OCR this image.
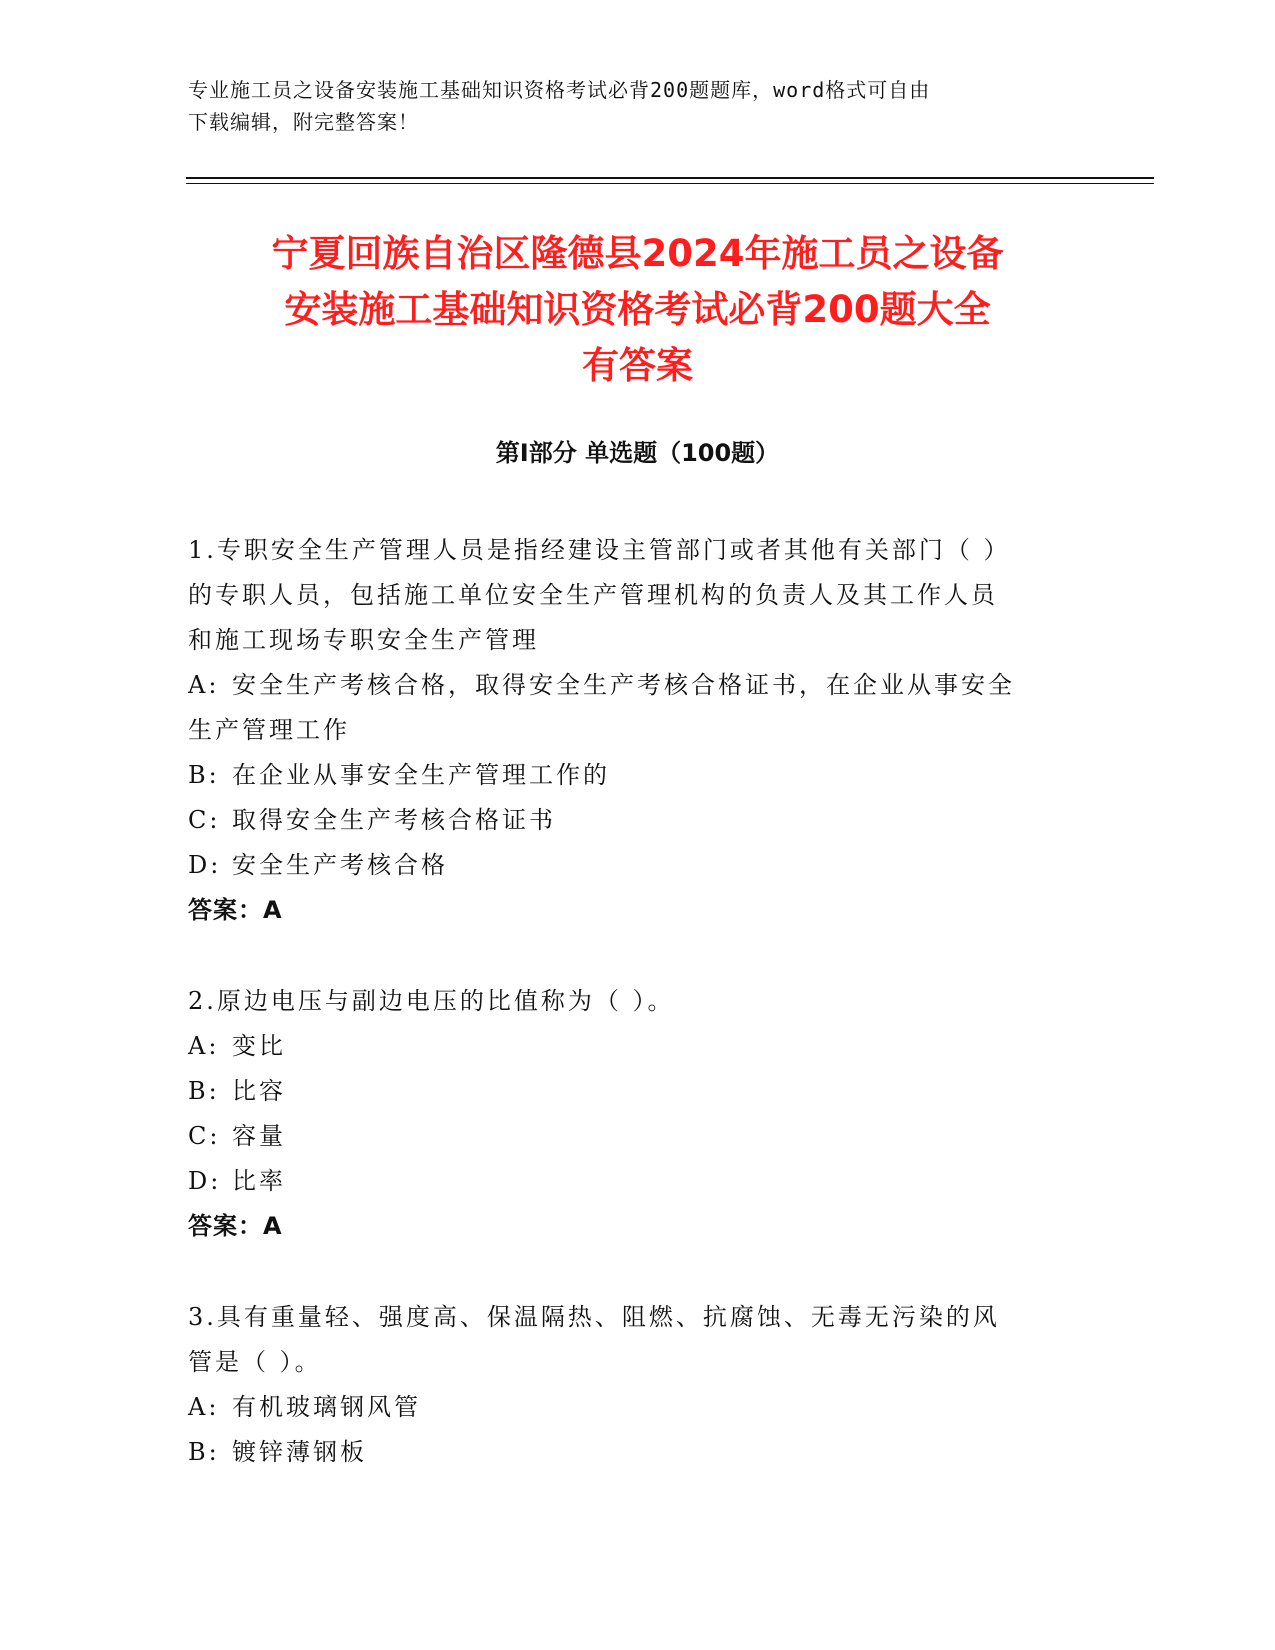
专业施工员之设备安装施工基础知识资格考试必背200题题库，word格式可自由
下载编辑，附完整答案！
宁夏回族自治区隆德县2024年施工员之设备
安装施工基础知识资格考试必背200题大全
有答案
第Ⅰ部分 单选题（100题）
1.专职安全生产管理人员是指经建设主管部门或者其他有关部门（ ）
的专职人员，包括施工单位安全生产管理机构的负责人及其工作人员
和施工现场专职安全生产管理
A: 安全生产考核合格，取得安全生产考核合格证书，在企业从事安全
生产管理工作
B: 在企业从事安全生产管理工作的
C: 取得安全生产考核合格证书
D: 安全生产考核合格
答案：A
2.原边电压与副边电压的比值称为（ ）。
A: 变比
B: 比容
C: 容量
D: 比率
答案：A
3.具有重量轻、强度高、保温隔热、阻燃、抗腐蚀、无毒无污染的风
管是（ ）。
A: 有机玻璃钢风管
B: 镀锌薄钢板
